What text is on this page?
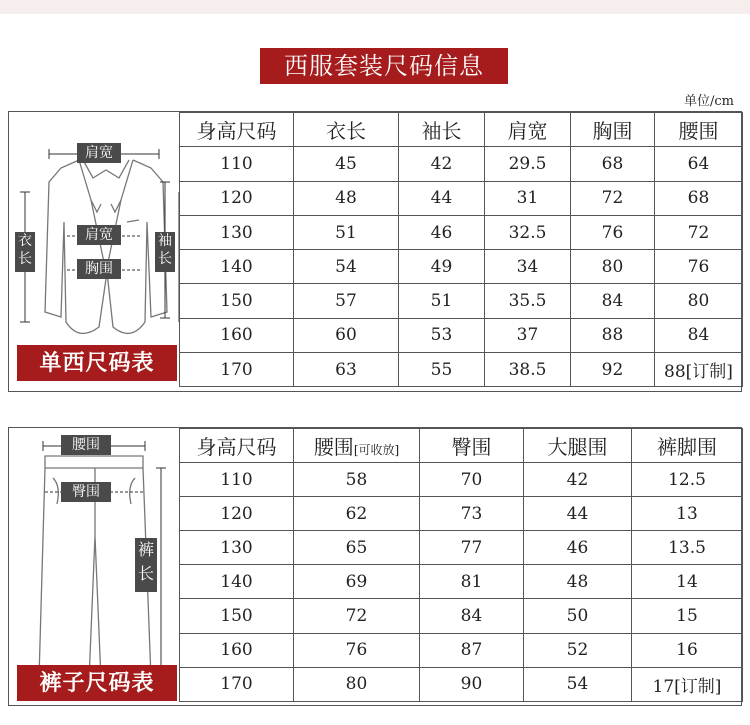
西服套装尺码信息
单位/cm
肩宽
肩宽
胸围
衣长
袖长
单西尺码表
身高尺码	衣长	袖长	肩宽	胸围	腰围
110	45	42	29.5	68	64
120	48	44	31	72	68
130	51	46	32.5	76	72
140	54	49	34	80	76
150	57	51	35.5	84	80
160	60	53	37	88	84
170	63	55	38.5	92	88[订制]
腰围
臀围
裤长
裤子尺码表
身高尺码	腰围[可收放]	臀围	大腿围	裤脚围
110	58	70	42	12.5
120	62	73	44	13
130	65	77	46	13.5
140	69	81	48	14
150	72	84	50	15
160	76	87	52	16
170	80	90	54	17[订制]
